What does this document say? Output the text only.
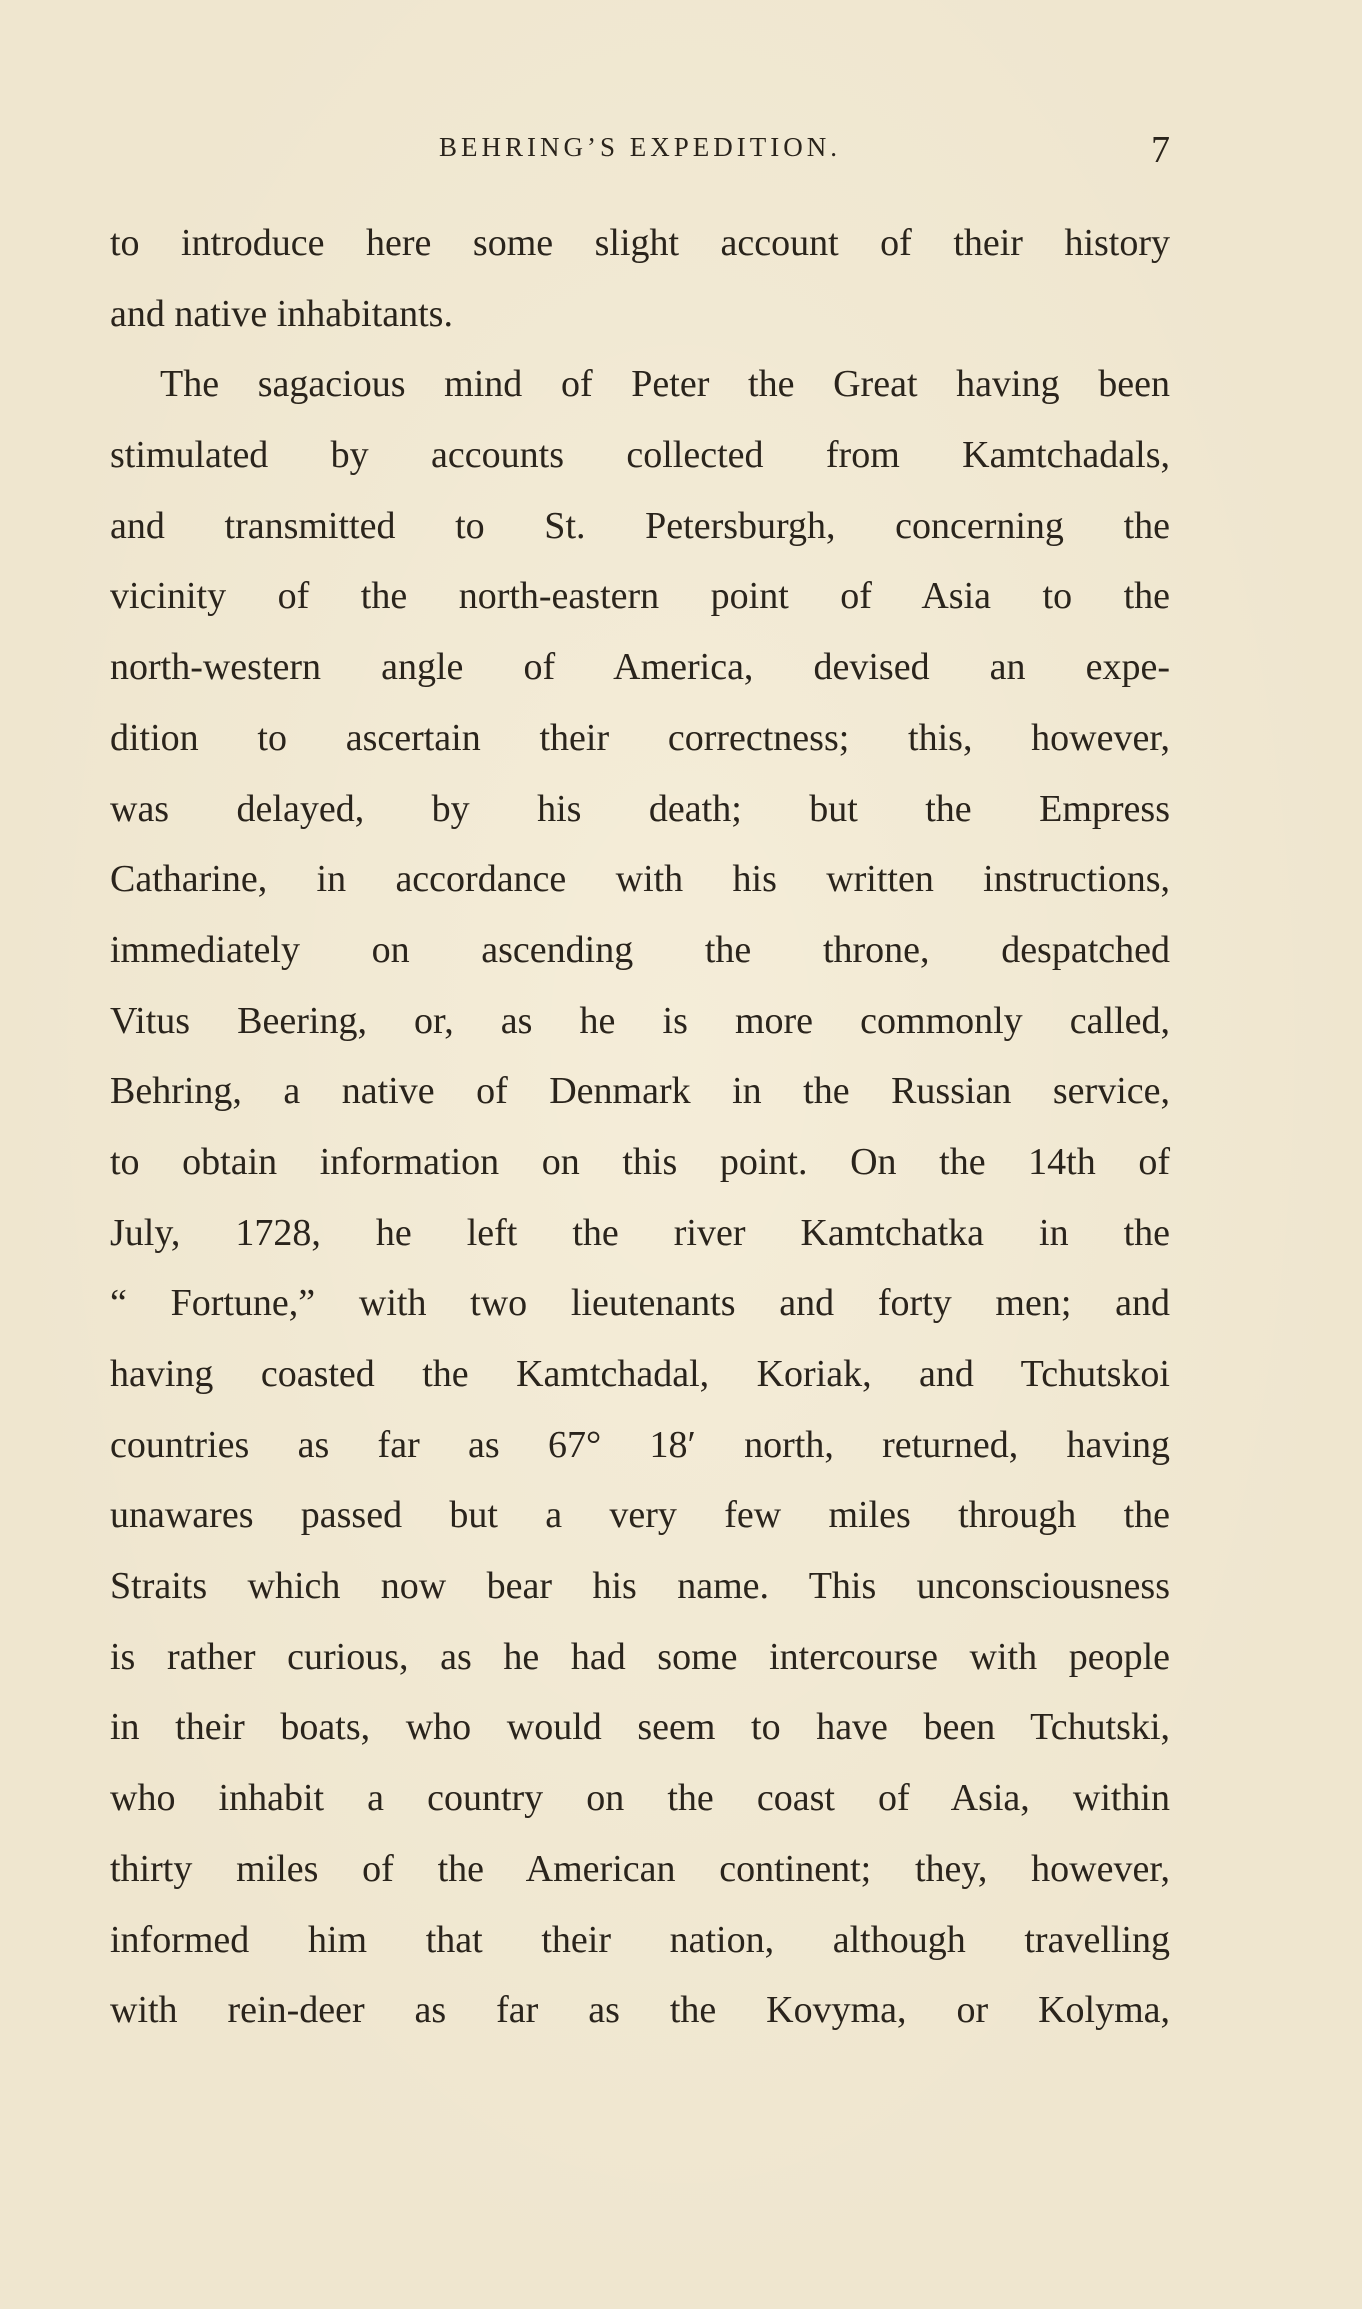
BEHRING’S EXPEDITION.	7
to introduce here some slight account of their history
and native inhabitants.
The sagacious mind of Peter the Great having been
stimulated by accounts collected from Kamtchadals,
and transmitted to St. Petersburgh, concerning the
vicinity of the north-eastern point of Asia to the
north-western angle of America, devised an expe-
dition to ascertain their correctness; this, however,
was delayed, by his death; but the Empress
Catharine, in accordance with his written instructions,
immediately on ascending the throne, despatched
Vitus Beering, or, as he is more commonly called,
Behring, a native of Denmark in the Russian service,
to obtain information on this point. On the 14th of
July, 1728, he left the river Kamtchatka in the
“ Fortune,” with two lieutenants and forty men; and
having coasted the Kamtchadal, Koriak, and Tchutskoi
countries as far as 67° 18′ north, returned, having
unawares passed but a very few miles through the
Straits which now bear his name. This unconsciousness
is rather curious, as he had some intercourse with people
in their boats, who would seem to have been Tchutski,
who inhabit a country on the coast of Asia, within
thirty miles of the American continent; they, however,
informed him that their nation, although travelling
with rein-deer as far as the Kovyma, or Kolyma,
